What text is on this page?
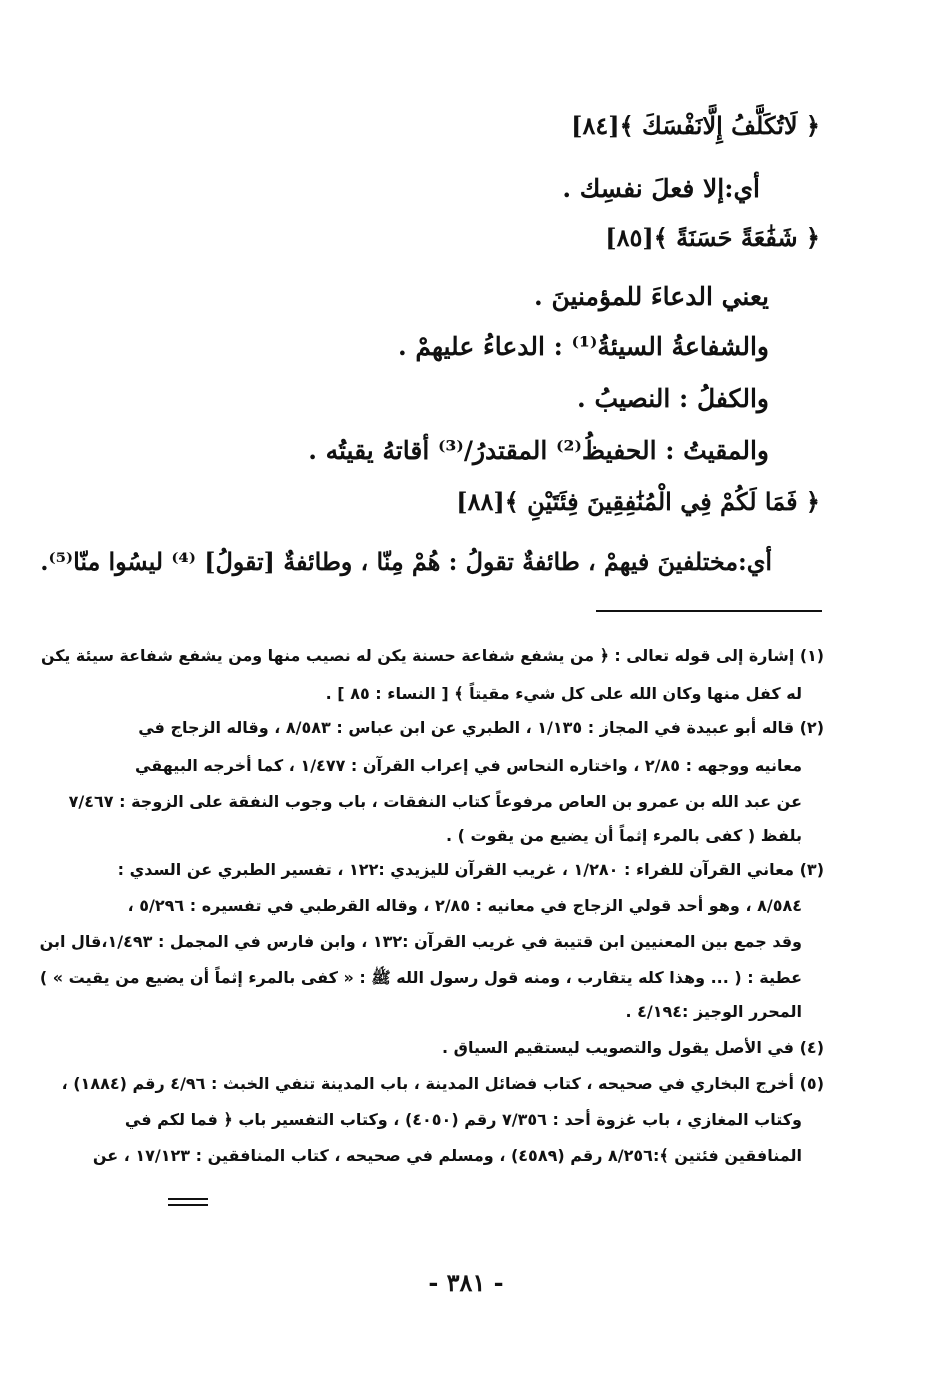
﴿ لَاتُكَلَّفُ إِلَّانَفْسَكَ ﴾[٨٤]
أي:إلا فعلَ نفسِك .
﴿ شَفَٰعَةً حَسَنَةً ﴾[٨٥]
يعني الدعاءَ للمؤمنينَ .
والشفاعةُ السيئةُ⁽¹⁾ : الدعاءُ عليهمْ .
والكفلُ : النصيبُ .
والمقيتُ : الحفيظُ⁽²⁾ المقتدرُ/⁽³⁾ أقاتهُ يقيتُه .
﴿ فَمَا لَكُمْ فِي الْمُنَٰفِقِينَ فِئَتَيْنِ ﴾[٨٨]
أي:مختلفينَ فيهمْ ، طائفةٌ تقولُ : هُمْ مِنّا ، وطائفةٌ [تقولُ] ⁽⁴⁾ ليسُوا منّا⁽⁵⁾.
(١) إشارة إلى قوله تعالى : ﴿ من يشفع شفاعة حسنة يكن له نصيب منها ومن يشفع شفاعة سيئة يكن
له كفل منها وكان الله على كل شيء مقيتاً ﴾ [ النساء : ٨٥ ] .
(٢) قاله أبو عبيدة في المجاز : ١/١٣٥ ، الطبري عن ابن عباس : ٨/٥٨٣ ، وقاله الزجاج في
معانيه ووجهه : ٢/٨٥ ، واختاره النحاس في إعراب القرآن : ١/٤٧٧ ، كما أخرجه البيهقي
عن عبد الله بن عمرو بن العاص مرفوعاً كتاب النفقات ، باب وجوب النفقة على الزوجة : ٧/٤٦٧
بلفظ ( كفى بالمرء إثماً أن يضيع من يقوت ) .
(٣) معاني القرآن للفراء : ١/٢٨٠ ، غريب القرآن لليزيدي :١٢٢ ، تفسير الطبري عن السدي :
٨/٥٨٤ ، وهو أحد قولي الزجاج في معانيه : ٢/٨٥ ، وقاله القرطبي في تفسيره : ٥/٢٩٦ ،
وقد جمع بين المعنيين ابن قتيبة في غريب القرآن :١٣٢ ، وابن فارس في المجمل : ١/٤٩٣،قال ابن
عطية : ( ... وهذا كله يتقارب ، ومنه قول رسول الله ﷺ : « كفى بالمرء إثماً أن يضيع من يقيت » )
المحرر الوجيز :٤/١٩٤ .
(٤) في الأصل يقول والتصويب ليستقيم السياق .
(٥) أخرج البخاري في صحيحه ، كتاب فضائل المدينة ، باب المدينة تنفي الخبث : ٤/٩٦ رقم (١٨٨٤) ،
وكتاب المغازي ، باب غزوة أحد : ٧/٣٥٦ رقم (٤٠٥٠) ، وكتاب التفسير باب ﴿ فما لكم في
المنافقين فئتين ﴾:٨/٢٥٦ رقم (٤٥٨٩) ، ومسلم في صحيحه ، كتاب المنافقين : ١٧/١٢٣ ، عن
- ٣٨١ -
